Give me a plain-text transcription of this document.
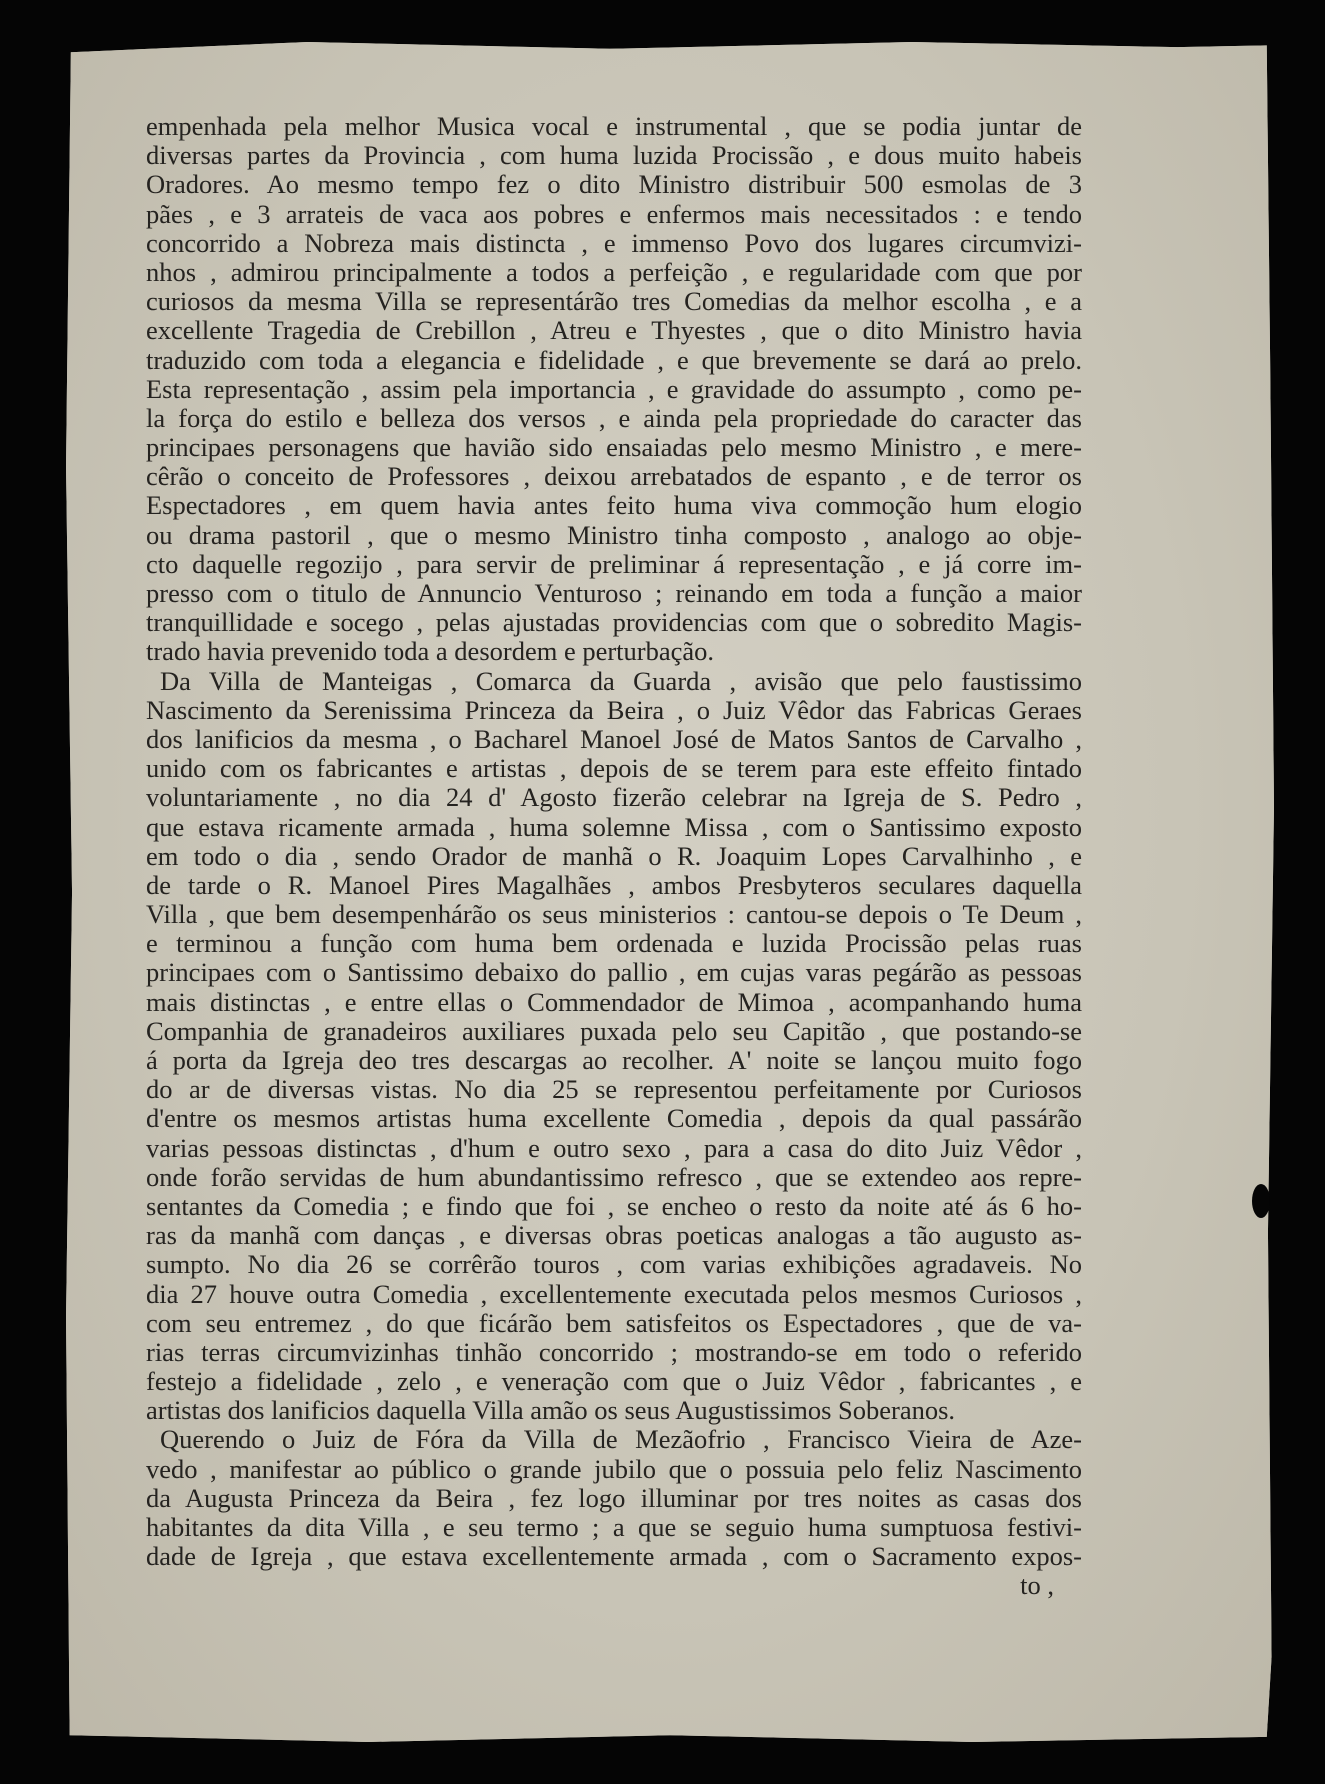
empenhada pela melhor Musica vocal e instrumental , que se podia juntar de
diversas partes da Provincia , com huma luzida Procissão , e dous muito habeis
Oradores. Ao mesmo tempo fez o dito Ministro distribuir 500 esmolas de 3
pães , e 3 arrateis de vaca aos pobres e enfermos mais necessitados : e tendo
concorrido a Nobreza mais distincta , e immenso Povo dos lugares circumvizi-
nhos , admirou principalmente a todos a perfeição , e regularidade com que por
curiosos da mesma Villa se representárão tres Comedias da melhor escolha , e a
excellente Tragedia de Crebillon , Atreu e Thyestes , que o dito Ministro havia
traduzido com toda a elegancia e fidelidade , e que brevemente se dará ao prelo.
Esta representação , assim pela importancia , e gravidade do assumpto , como pe-
la força do estilo e belleza dos versos , e ainda pela propriedade do caracter das
principaes personagens que havião sido ensaiadas pelo mesmo Ministro , e mere-
cêrão o conceito de Professores , deixou arrebatados de espanto , e de terror os
Espectadores , em quem havia antes feito huma viva commoção hum elogio
ou drama pastoril , que o mesmo Ministro tinha composto , analogo ao obje-
cto daquelle regozijo , para servir de preliminar á representação , e já corre im-
presso com o titulo de Annuncio Venturoso ; reinando em toda a função a maior
tranquillidade e socego , pelas ajustadas providencias com que o sobredito Magis-
trado havia prevenido toda a desordem e perturbação.
Da Villa de Manteigas , Comarca da Guarda , avisão que pelo faustissimo
Nascimento da Serenissima Princeza da Beira , o Juiz Vêdor das Fabricas Geraes
dos lanificios da mesma , o Bacharel Manoel José de Matos Santos de Carvalho ,
unido com os fabricantes e artistas , depois de se terem para este effeito fintado
voluntariamente , no dia 24 d' Agosto fizerão celebrar na Igreja de S. Pedro ,
que estava ricamente armada , huma solemne Missa , com o Santissimo exposto
em todo o dia , sendo Orador de manhã o R. Joaquim Lopes Carvalhinho , e
de tarde o R. Manoel Pires Magalhães , ambos Presbyteros seculares daquella
Villa , que bem desempenhárão os seus ministerios : cantou-se depois o Te Deum ,
e terminou a função com huma bem ordenada e luzida Procissão pelas ruas
principaes com o Santissimo debaixo do pallio , em cujas varas pegárão as pessoas
mais distinctas , e entre ellas o Commendador de Mimoa , acompanhando huma
Companhia de granadeiros auxiliares puxada pelo seu Capitão , que postando-se
á porta da Igreja deo tres descargas ao recolher. A' noite se lançou muito fogo
do ar de diversas vistas. No dia 25 se representou perfeitamente por Curiosos
d'entre os mesmos artistas huma excellente Comedia , depois da qual passárão
varias pessoas distinctas , d'hum e outro sexo , para a casa do dito Juiz Vêdor ,
onde forão servidas de hum abundantissimo refresco , que se extendeo aos repre-
sentantes da Comedia ; e findo que foi , se encheo o resto da noite até ás 6 ho-
ras da manhã com danças , e diversas obras poeticas analogas a tão augusto as-
sumpto. No dia 26 se corrêrão touros , com varias exhibições agradaveis. No
dia 27 houve outra Comedia , excellentemente executada pelos mesmos Curiosos ,
com seu entremez , do que ficárão bem satisfeitos os Espectadores , que de va-
rias terras circumvizinhas tinhão concorrido ; mostrando-se em todo o referido
festejo a fidelidade , zelo , e veneração com que o Juiz Vêdor , fabricantes , e
artistas dos lanificios daquella Villa amão os seus Augustissimos Soberanos.
Querendo o Juiz de Fóra da Villa de Mezãofrio , Francisco Vieira de Aze-
vedo , manifestar ao público o grande jubilo que o possuia pelo feliz Nascimento
da Augusta Princeza da Beira , fez logo illuminar por tres noites as casas dos
habitantes da dita Villa , e seu termo ; a que se seguio huma sumptuosa festivi-
dade de Igreja , que estava excellentemente armada , com o Sacramento expos-
to ,
